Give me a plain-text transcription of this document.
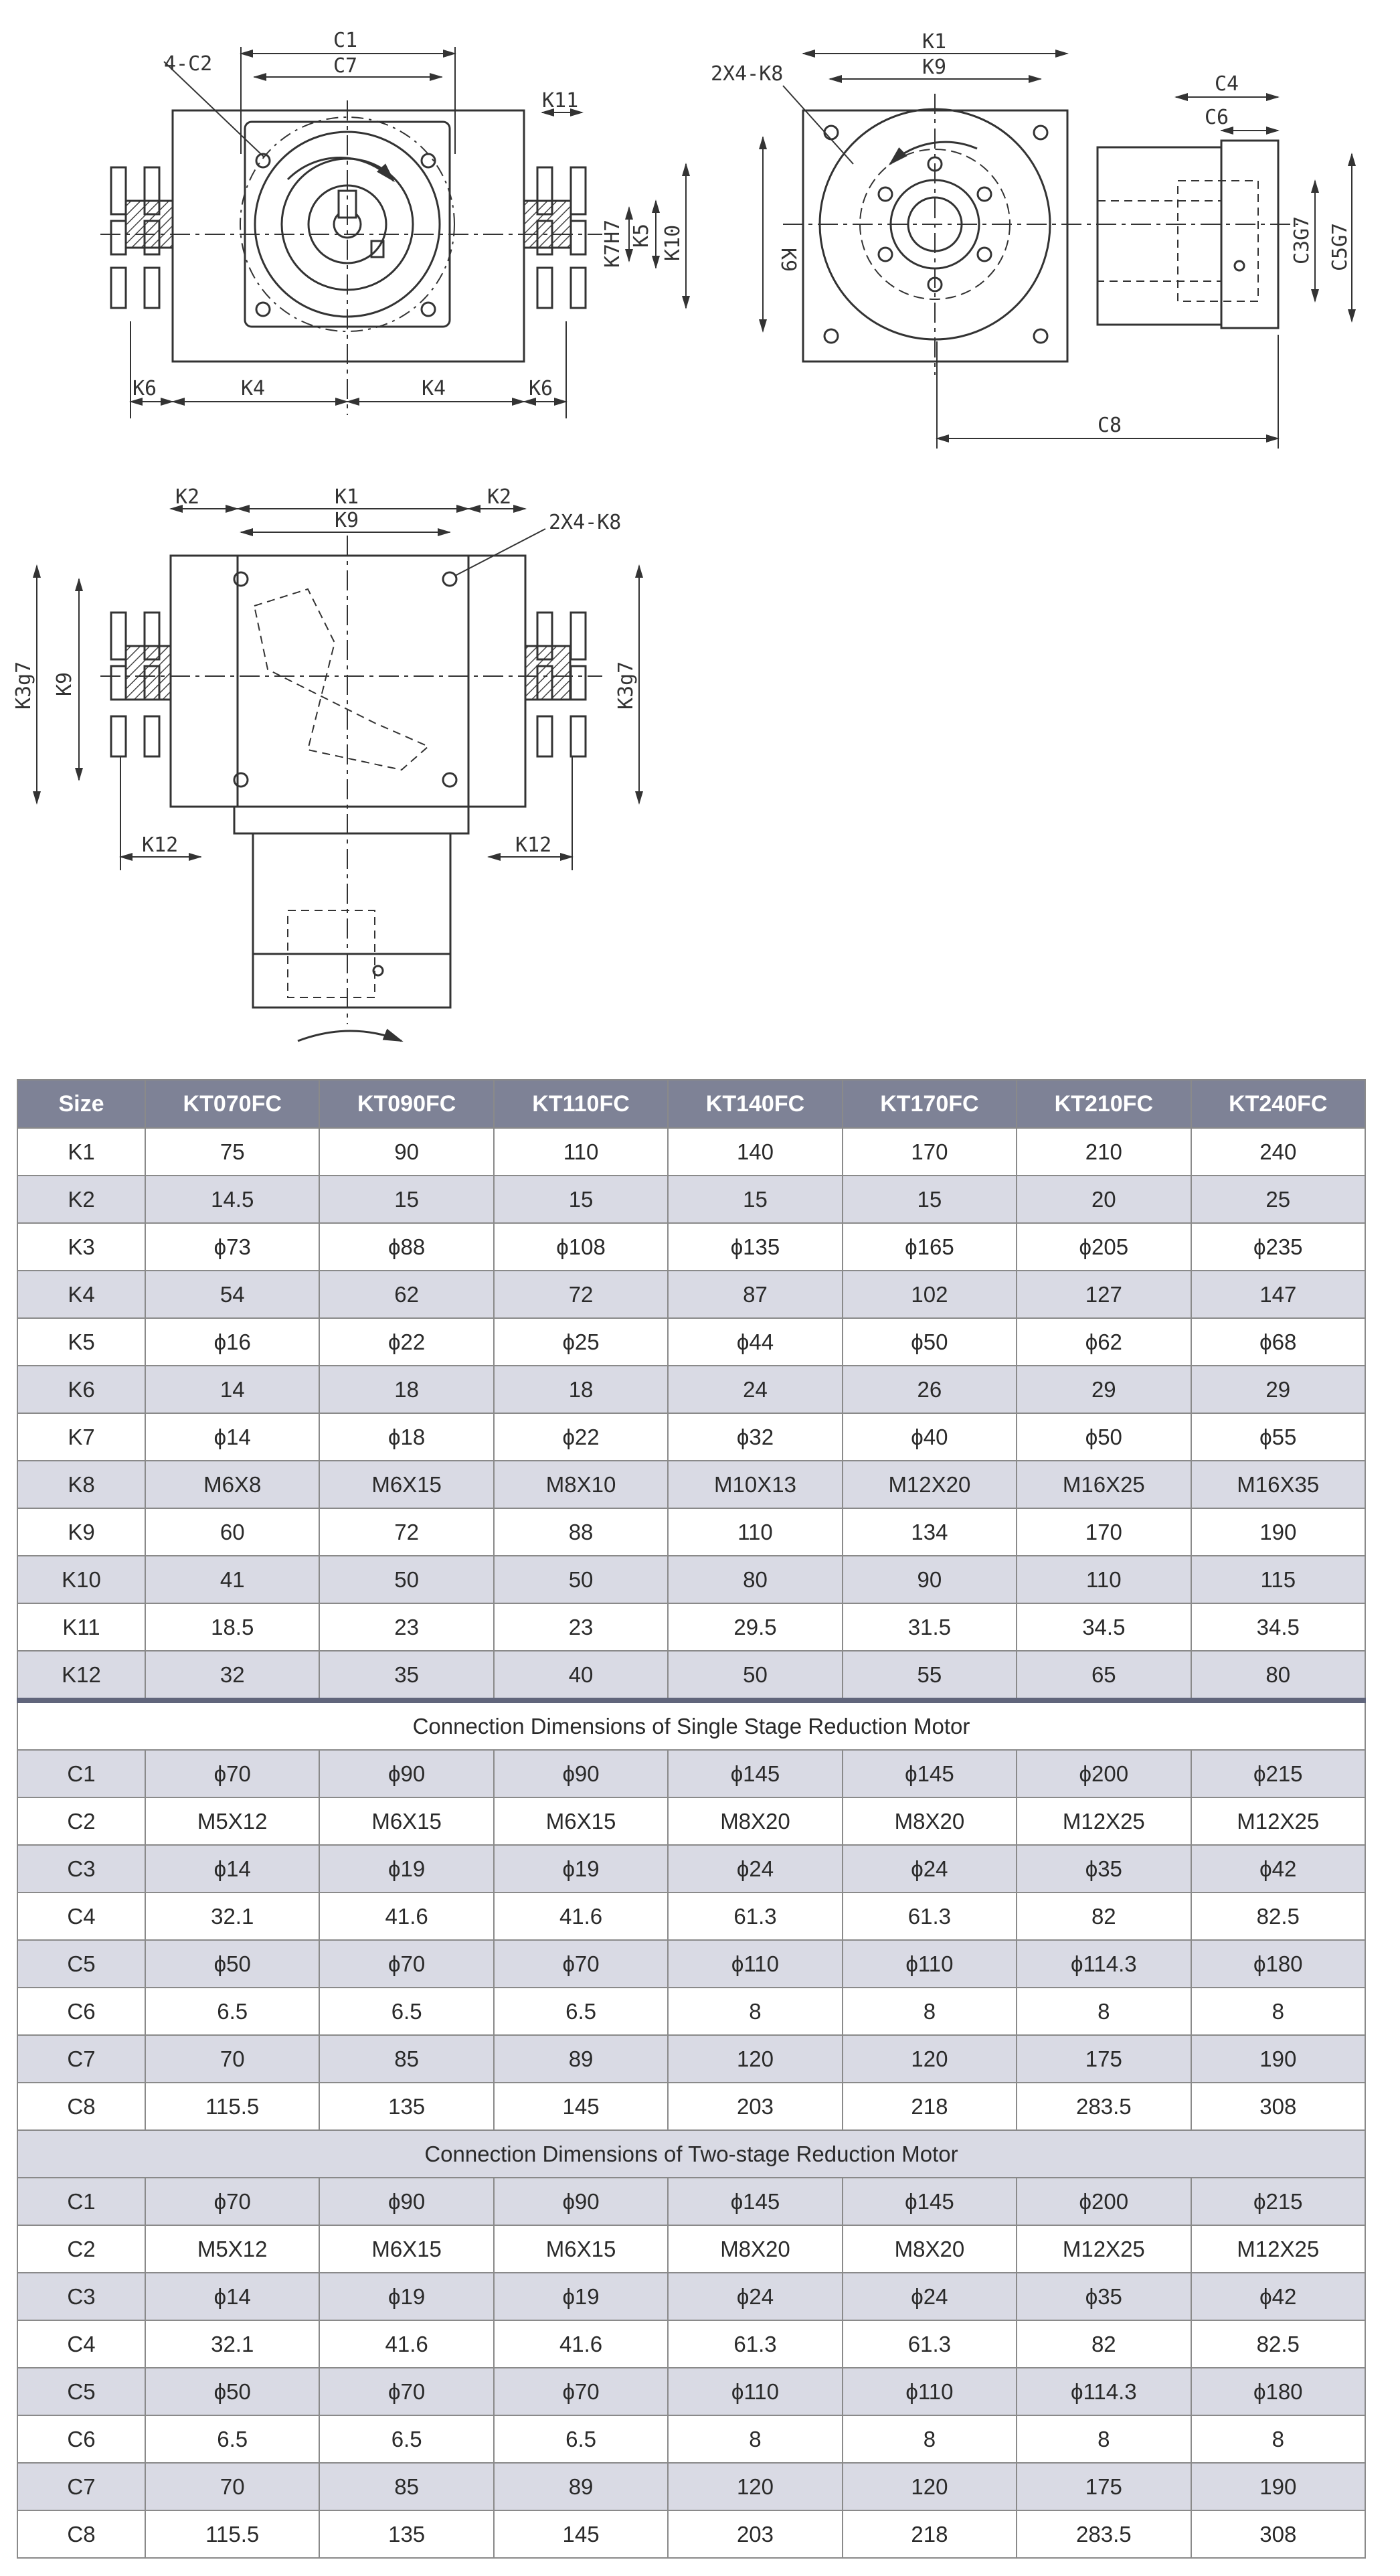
C1
C7
4-C2
K11
K7H7 K5 K10
K6	K4	K4	K6
K1
K9
2X4-K8	C4
C6
K9	C3G7 C5G7
C8
K2	K1	K2
K9	2X4-K8
K3g7 K9	K3g7
K12	K12
Size	KT070FC	KT090FC	KT110FC	KT140FC	KT170FC	KT210FC	KT240FC
K1	75	90	110	140	170	210	240
K2	14.5	15	15	15	15	20	25
K3	ϕ73	ϕ88	ϕ108	ϕ135	ϕ165	ϕ205	ϕ235
K4	54	62	72	87	102	127	147
K5	ϕ16	ϕ22	ϕ25	ϕ44	ϕ50	ϕ62	ϕ68
K6	14	18	18	24	26	29	29
K7	ϕ14	ϕ18	ϕ22	ϕ32	ϕ40	ϕ50	ϕ55
K8	M6X8	M6X15	M8X10	M10X13	M12X20	M16X25	M16X35
K9	60	72	88	110	134	170	190
K10	41	50	50	80	90	110	115
K11	18.5	23	23	29.5	31.5	34.5	34.5
K12	32	35	40	50	55	65	80
Connection Dimensions of Single Stage Reduction Motor							
C1	ϕ70	ϕ90	ϕ90	ϕ145	ϕ145	ϕ200	ϕ215
C2	M5X12	M6X15	M6X15	M8X20	M8X20	M12X25	M12X25
C3	ϕ14	ϕ19	ϕ19	ϕ24	ϕ24	ϕ35	ϕ42
C4	32.1	41.6	41.6	61.3	61.3	82	82.5
C5	ϕ50	ϕ70	ϕ70	ϕ110	ϕ110	ϕ114.3	ϕ180
C6	6.5	6.5	6.5	8	8	8	8
C7	70	85	89	120	120	175	190
C8	115.5	135	145	203	218	283.5	308
Connection Dimensions of Two-stage Reduction Motor							
C1	ϕ70	ϕ90	ϕ90	ϕ145	ϕ145	ϕ200	ϕ215
C2	M5X12	M6X15	M6X15	M8X20	M8X20	M12X25	M12X25
C3	ϕ14	ϕ19	ϕ19	ϕ24	ϕ24	ϕ35	ϕ42
C4	32.1	41.6	41.6	61.3	61.3	82	82.5
C5	ϕ50	ϕ70	ϕ70	ϕ110	ϕ110	ϕ114.3	ϕ180
C6	6.5	6.5	6.5	8	8	8	8
C7	70	85	89	120	120	175	190
C8	115.5	135	145	203	218	283.5	308
